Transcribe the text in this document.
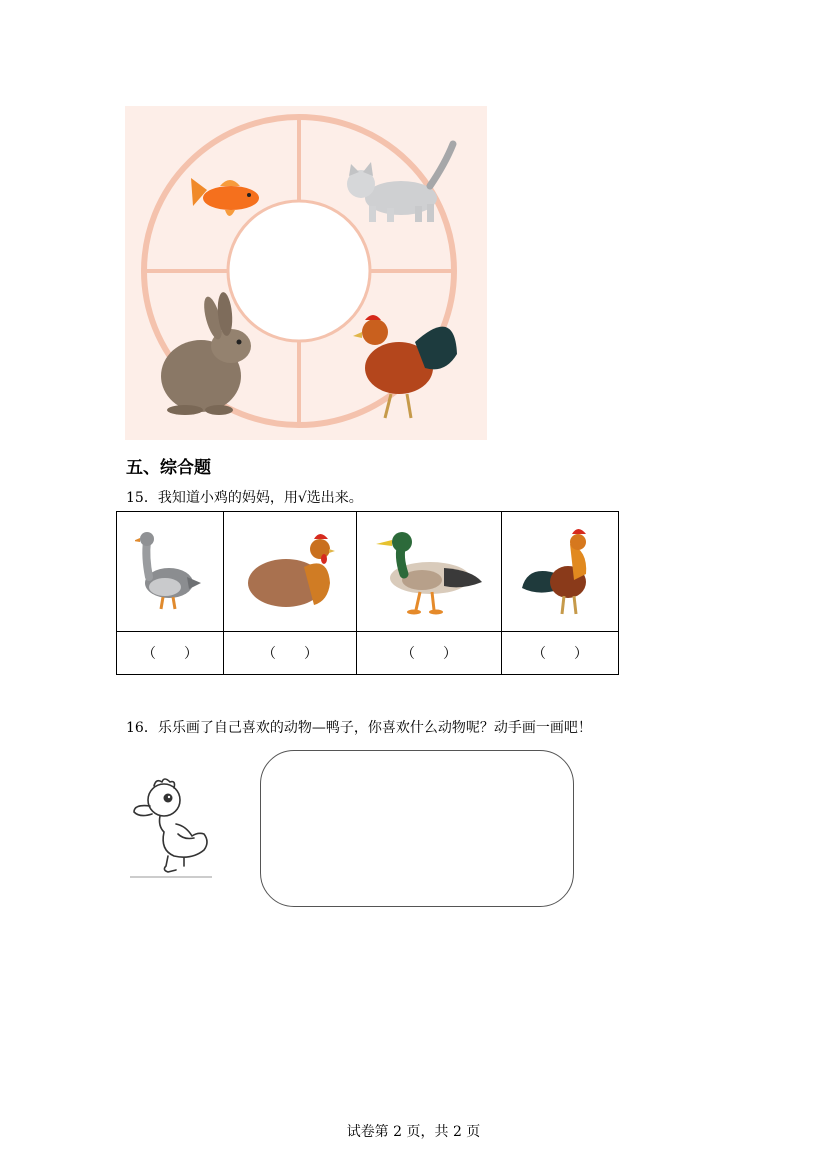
五、综合题
15．我知道小鸡的妈妈，用√选出来。

（　　）	（　　）	（　　）	（　　）
16．乐乐画了自己喜欢的动物—鸭子，你喜欢什么动物呢？动手画一画吧！
试卷第 2 页，共 2 页
